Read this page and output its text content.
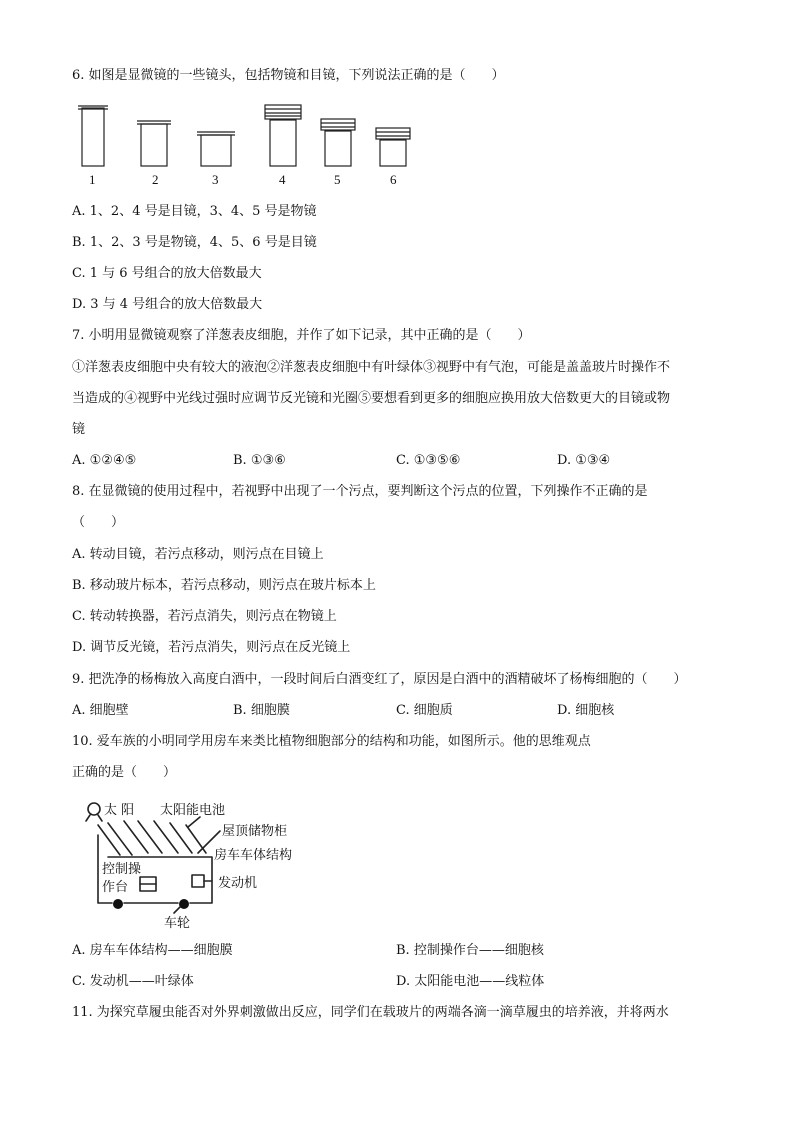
6. 如图是显微镜的一些镜头，包括物镜和目镜，下列说法正确的是（　　）
1	2	3	4	5	6
A. 1、2、4 号是目镜，3、4、5 号是物镜
B. 1、2、3 号是物镜，4、5、6 号是目镜
C. 1 与 6 号组合的放大倍数最大
D. 3 与 4 号组合的放大倍数最大
7. 小明用显微镜观察了洋葱表皮细胞，并作了如下记录，其中正确的是（　　）
①洋葱表皮细胞中央有较大的液泡②洋葱表皮细胞中有叶绿体③视野中有气泡，可能是盖盖玻片时操作不
当造成的④视野中光线过强时应调节反光镜和光圈⑤要想看到更多的细胞应换用放大倍数更大的目镜或物
镜
A. ①②④⑤	B. ①③⑥	C. ①③⑤⑥	D. ①③④
8. 在显微镜的使用过程中，若视野中出现了一个污点，要判断这个污点的位置，下列操作不正确的是
（　　）
A. 转动目镜，若污点移动，则污点在目镜上
B. 移动玻片标本，若污点移动，则污点在玻片标本上
C. 转动转换器，若污点消失，则污点在物镜上
D. 调节反光镜，若污点消失，则污点在反光镜上
9. 把洗净的杨梅放入高度白酒中，一段时间后白酒变红了，原因是白酒中的酒精破坏了杨梅细胞的（　　）
A. 细胞壁	B. 细胞膜	C. 细胞质	D. 细胞核
10. 爱车族的小明同学用房车来类比植物细胞部分的结构和功能，如图所示。他的思维观点
正确的是（　　）
太 阳 太阳能电池
屋顶储物柜
房车车体结构
控制操
作台	发动机
车轮
A. 房车车体结构——细胞膜	B. 控制操作台——细胞核
C. 发动机——叶绿体	D. 太阳能电池——线粒体
11. 为探究草履虫能否对外界刺激做出反应，同学们在载玻片的两端各滴一滴草履虫的培养液，并将两水
